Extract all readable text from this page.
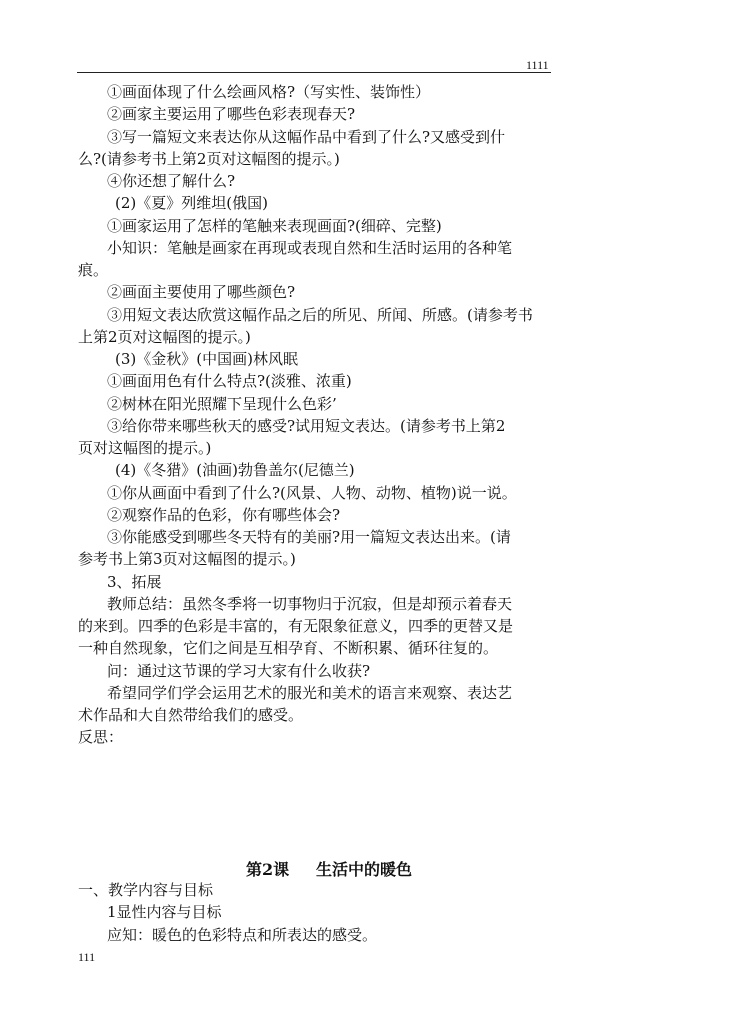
1111
①画面体现了什么绘画风格?（写实性、装饰性）
②画家主要运用了哪些色彩表现春天?
③写一篇短文来表达你从这幅作品中看到了什么?又感受到什
么?(请参考书上第2页对这幅图的提示。)
④你还想了解什么?
(2)《夏》列维坦(俄国)
①画家运用了怎样的笔触来表现画面?(细碎、完整)
小知识：笔触是画家在再现或表现自然和生活时运用的各种笔
痕。
②画面主要使用了哪些颜色?
③用短文表达欣赏这幅作品之后的所见、所闻、所感。(请参考书
上第2页对这幅图的提示。)
(3)《金秋》(中国画)林风眠
①画面用色有什么特点?(淡雅、浓重)
②树林在阳光照耀下呈现什么色彩’
③给你带来哪些秋天的感受?试用短文表达。(请参考书上第2
页对这幅图的提示。)
(4)《冬猎》(油画)勃鲁盖尔(尼德兰)
①你从画面中看到了什么?(风景、人物、动物、植物)说一说。
②观察作品的色彩，你有哪些体会?
③你能感受到哪些冬天特有的美丽?用一篇短文表达出来。(请
参考书上第3页对这幅图的提示。)
3、拓展
教师总结：虽然冬季将一切事物归于沉寂，但是却预示着春天
的来到。四季的色彩是丰富的，有无限象征意义，四季的更替又是
一种自然现象，它们之间是互相孕育、不断积累、循环往复的。
问：通过这节课的学习大家有什么收获?
希望同学们学会运用艺术的服光和美术的语言来观察、表达艺
术作品和大自然带给我们的感受。
反思：
第2课 生活中的暖色
一、教学内容与目标
1显性内容与目标
应知：暖色的色彩特点和所表达的感受。
111
